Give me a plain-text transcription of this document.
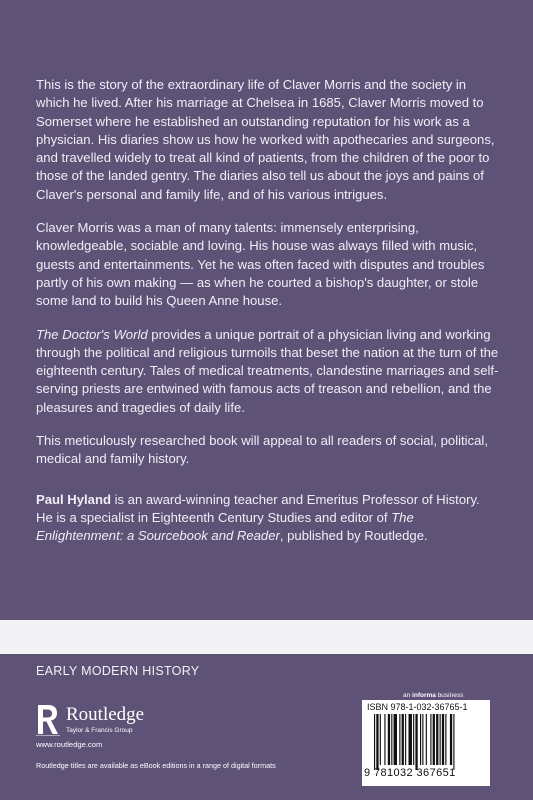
This is the story of the extraordinary life of Claver Morris and the society in which he lived. After his marriage at Chelsea in 1685, Claver Morris moved to Somerset where he established an outstanding reputation for his work as a physician. His diaries show us how he worked with apothecaries and surgeons, and travelled widely to treat all kind of patients, from the children of the poor to those of the landed gentry. The diaries also tell us about the joys and pains of Claver's personal and family life, and of his various intrigues.

Claver Morris was a man of many talents: immensely enterprising, knowledgeable, sociable and loving. His house was always filled with music, guests and entertainments. Yet he was often faced with disputes and troubles partly of his own making — as when he courted a bishop's daughter, or stole some land to build his Queen Anne house.

The Doctor's World provides a unique portrait of a physician living and working through the political and religious turmoils that beset the nation at the turn of the eighteenth century. Tales of medical treatments, clandestine marriages and self-serving priests are entwined with famous acts of treason and rebellion, and the pleasures and tragedies of daily life.

This meticulously researched book will appeal to all readers of social, political, medical and family history.

Paul Hyland is an award-winning teacher and Emeritus Professor of History. He is a specialist in Eighteenth Century Studies and editor of The Enlightenment: a Sourcebook and Reader, published by Routledge.

EARLY MODERN HISTORY
an informa business
Routledge
Taylor & Francis Group
www.routledge.com
Routledge titles are available as eBook editions in a range of digital formats
ISBN 978-1-032-36765-1
9 781032 367651
